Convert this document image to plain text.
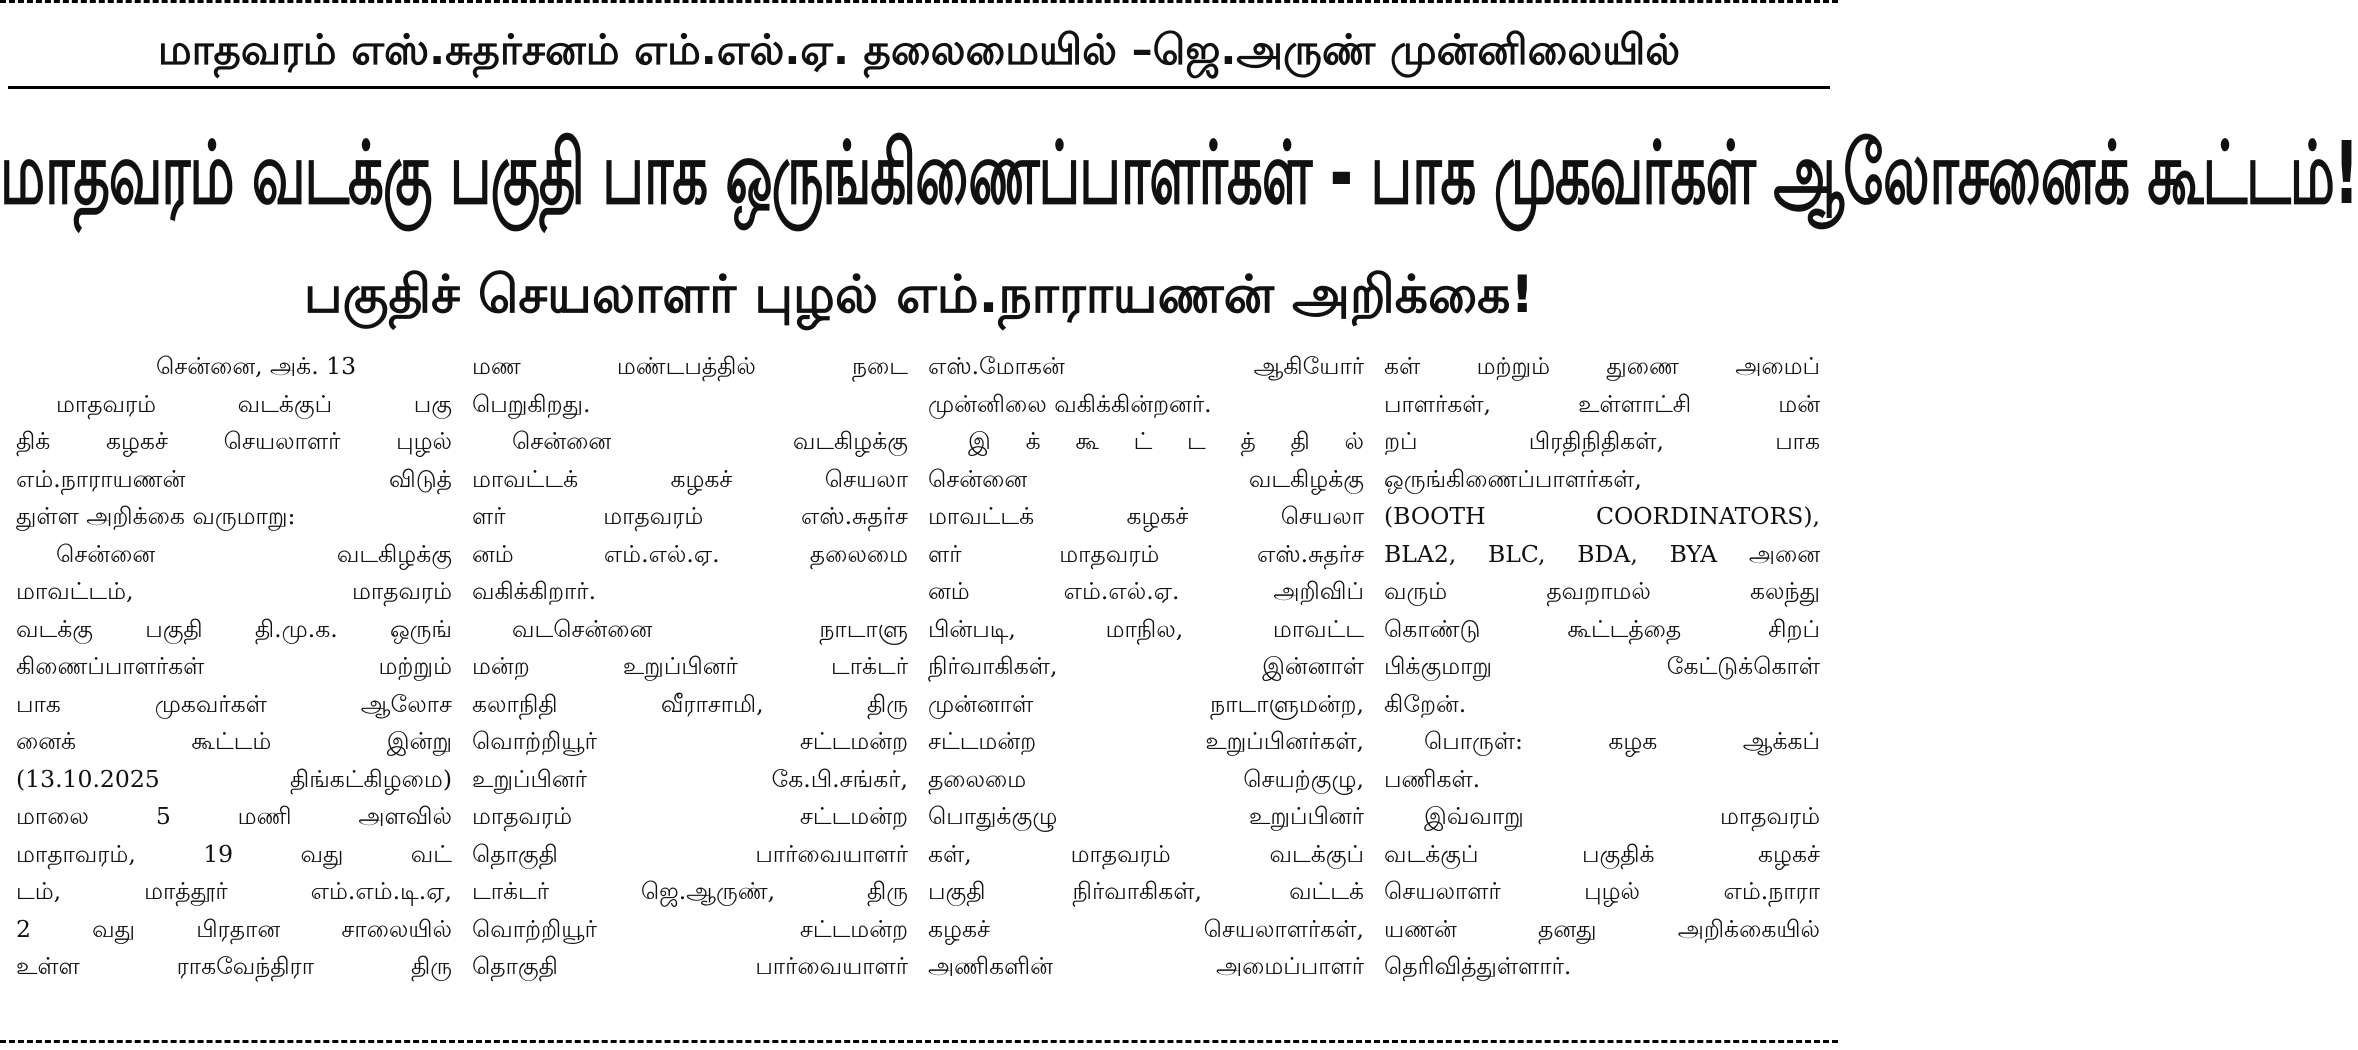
மாதவரம் எஸ்.சுதர்சனம் எம்.எல்.ஏ. தலைமையில் –ஜெ.அருண் முன்னிலையில்
மாதவரம் வடக்கு பகுதி பாக ஒருங்கிணைப்பாளர்கள் - பாக முகவர்கள் ஆலோசனைக் கூட்டம்!
பகுதிச் செயலாளர் புழல் எம்.நாராயணன் அறிக்கை!
சென்னை, அக். 13
மாதவரம் வடக்குப் பகு
திக் கழகச் செயலாளர் புழல்
எம்.நாராயணன் விடுத்
துள்ள அறிக்கை வருமாறு:
சென்னை வடகிழக்கு
மாவட்டம், மாதவரம்
வடக்கு பகுதி தி.மு.க. ஒருங்
கிணைப்பாளர்கள் மற்றும்
பாக முகவர்கள் ஆலோச
னைக் கூட்டம் இன்று
(13.10.2025 திங்கட்கிழமை)
மாலை 5 மணி அளவில்
மாதாவரம், 19 வது வட்
டம், மாத்தூர் எம்.எம்.டி.ஏ,
2 வது பிரதான சாலையில்
உள்ள ராகவேந்திரா திரு
மண மண்டபத்தில் நடை
பெறுகிறது.
சென்னை வடகிழக்கு
மாவட்டக் கழகச் செயலா
ளர் மாதவரம் எஸ்.சுதர்ச
னம் எம்.எல்.ஏ. தலைமை
வகிக்கிறார்.
வடசென்னை நாடாளு
மன்ற உறுப்பினர் டாக்டர்
கலாநிதி வீராசாமி, திரு
வொற்றியூர் சட்டமன்ற
உறுப்பினர் கே.பி.சங்கர்,
மாதவரம் சட்டமன்ற
தொகுதி பார்வையாளர்
டாக்டர் ஜெ.ஆருண், திரு
வொற்றியூர் சட்டமன்ற
தொகுதி பார்வையாளர்
எஸ்.மோகன் ஆகியோர்
முன்னிலை வகிக்கின்றனர்.
இ க் கூ ட் ட த் தி ல்
சென்னை வடகிழக்கு
மாவட்டக் கழகச் செயலா
ளர் மாதவரம் எஸ்.சுதர்ச
னம் எம்.எல்.ஏ. அறிவிப்
பின்படி, மாநில, மாவட்ட
நிர்வாகிகள், இன்னாள்
முன்னாள் நாடாளுமன்ற,
சட்டமன்ற உறுப்பினர்கள்,
தலைமை செயற்குழு,
பொதுக்குழு உறுப்பினர்
கள், மாதவரம் வடக்குப்
பகுதி நிர்வாகிகள், வட்டக்
கழகச் செயலாளர்கள்,
அணிகளின் அமைப்பாளர்
கள் மற்றும் துணை அமைப்
பாளர்கள், உள்ளாட்சி மன்
றப் பிரதிநிதிகள், பாக
ஒருங்கிணைப்பாளர்கள்,
(BOOTH COORDINATORS),
BLA2, BLC, BDA, BYA அனை
வரும் தவறாமல் கலந்து
கொண்டு கூட்டத்தை சிறப்
பிக்குமாறு கேட்டுக்கொள்
கிறேன்.
பொருள்: கழக ஆக்கப்
பணிகள்.
இவ்வாறு மாதவரம்
வடக்குப் பகுதிக் கழகச்
செயலாளர் புழல் எம்.நாரா
யணன் தனது அறிக்கையில்
தெரிவித்துள்ளார்.
